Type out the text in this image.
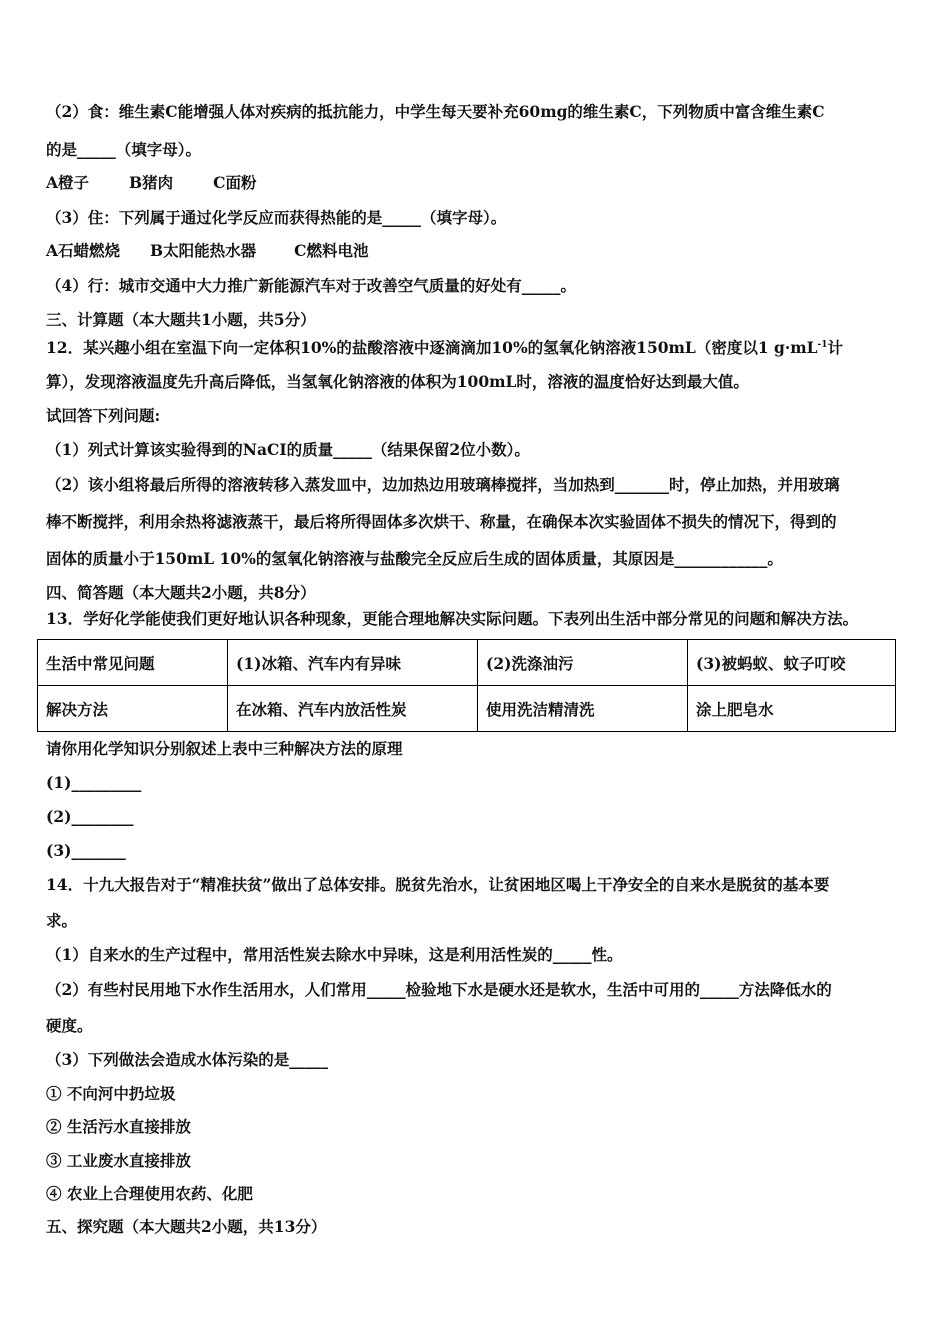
（2）食：维生素C能增强人体对疾病的抵抗能力，中学生每天要补充60mg的维生素C，下列物质中富含维生素C
的是_____（填字母）。
A橙子	B猪肉	C面粉
（3）住：下列属于通过化学反应而获得热能的是_____（填字母）。
A石蜡燃烧 B太阳能热水器 C燃料电池
（4）行：城市交通中大力推广新能源汽车对于改善空气质量的好处有_____。
三、计算题（本大题共1小题，共5分）
12．某兴趣小组在室温下向一定体积10%的盐酸溶液中逐滴滴加10%的氢氧化钠溶液150mL（密度以1 $g\cdot mL^{-1}$计
算），发现溶液温度先升高后降低，当氢氧化钠溶液的体积为100mL时，溶液的温度恰好达到最大值。
试回答下列问题:
（1）列式计算该实验得到的NaCI的质量_____（结果保留2位小数）。
（2）该小组将最后所得的溶液转移入蒸发皿中，边加热边用玻璃棒搅拌，当加热到_______时，停止加热，并用玻璃
棒不断搅拌，利用余热将滤液蒸干，最后将所得固体多次烘干、称量，在确保本次实验固体不损失的情况下，得到的
固体的质量小于150mL 10%的氢氧化钠溶液与盐酸完全反应后生成的固体质量，其原因是____________。
四、简答题（本大题共2小题，共8分）
13．学好化学能使我们更好地认识各种现象，更能合理地解决实际问题。下表列出生活中部分常见的问题和解决方法。
生活中常见问题	(1)冰箱、汽车内有异味	(2)洗涤油污	(3)被蚂蚁、蚊子叮咬
解决方法	在冰箱、汽车内放活性炭	使用洗洁精清洗	涂上肥皂水
请你用化学知识分别叙述上表中三种解决方法的原理
(1)_________
(2)________
(3)_______
14．十九大报告对于“精准扶贫”做出了总体安排。脱贫先治水，让贫困地区喝上干净安全的自来水是脱贫的基本要
求。
（1）自来水的生产过程中，常用活性炭去除水中异味，这是利用活性炭的_____性。
（2）有些村民用地下水作生活用水，人们常用_____检验地下水是硬水还是软水，生活中可用的_____方法降低水的
硬度。
（3）下列做法会造成水体污染的是_____
① 不向河中扔垃圾
② 生活污水直接排放
③ 工业废水直接排放
④ 农业上合理使用农药、化肥
五、探究题（本大题共2小题，共13分）
